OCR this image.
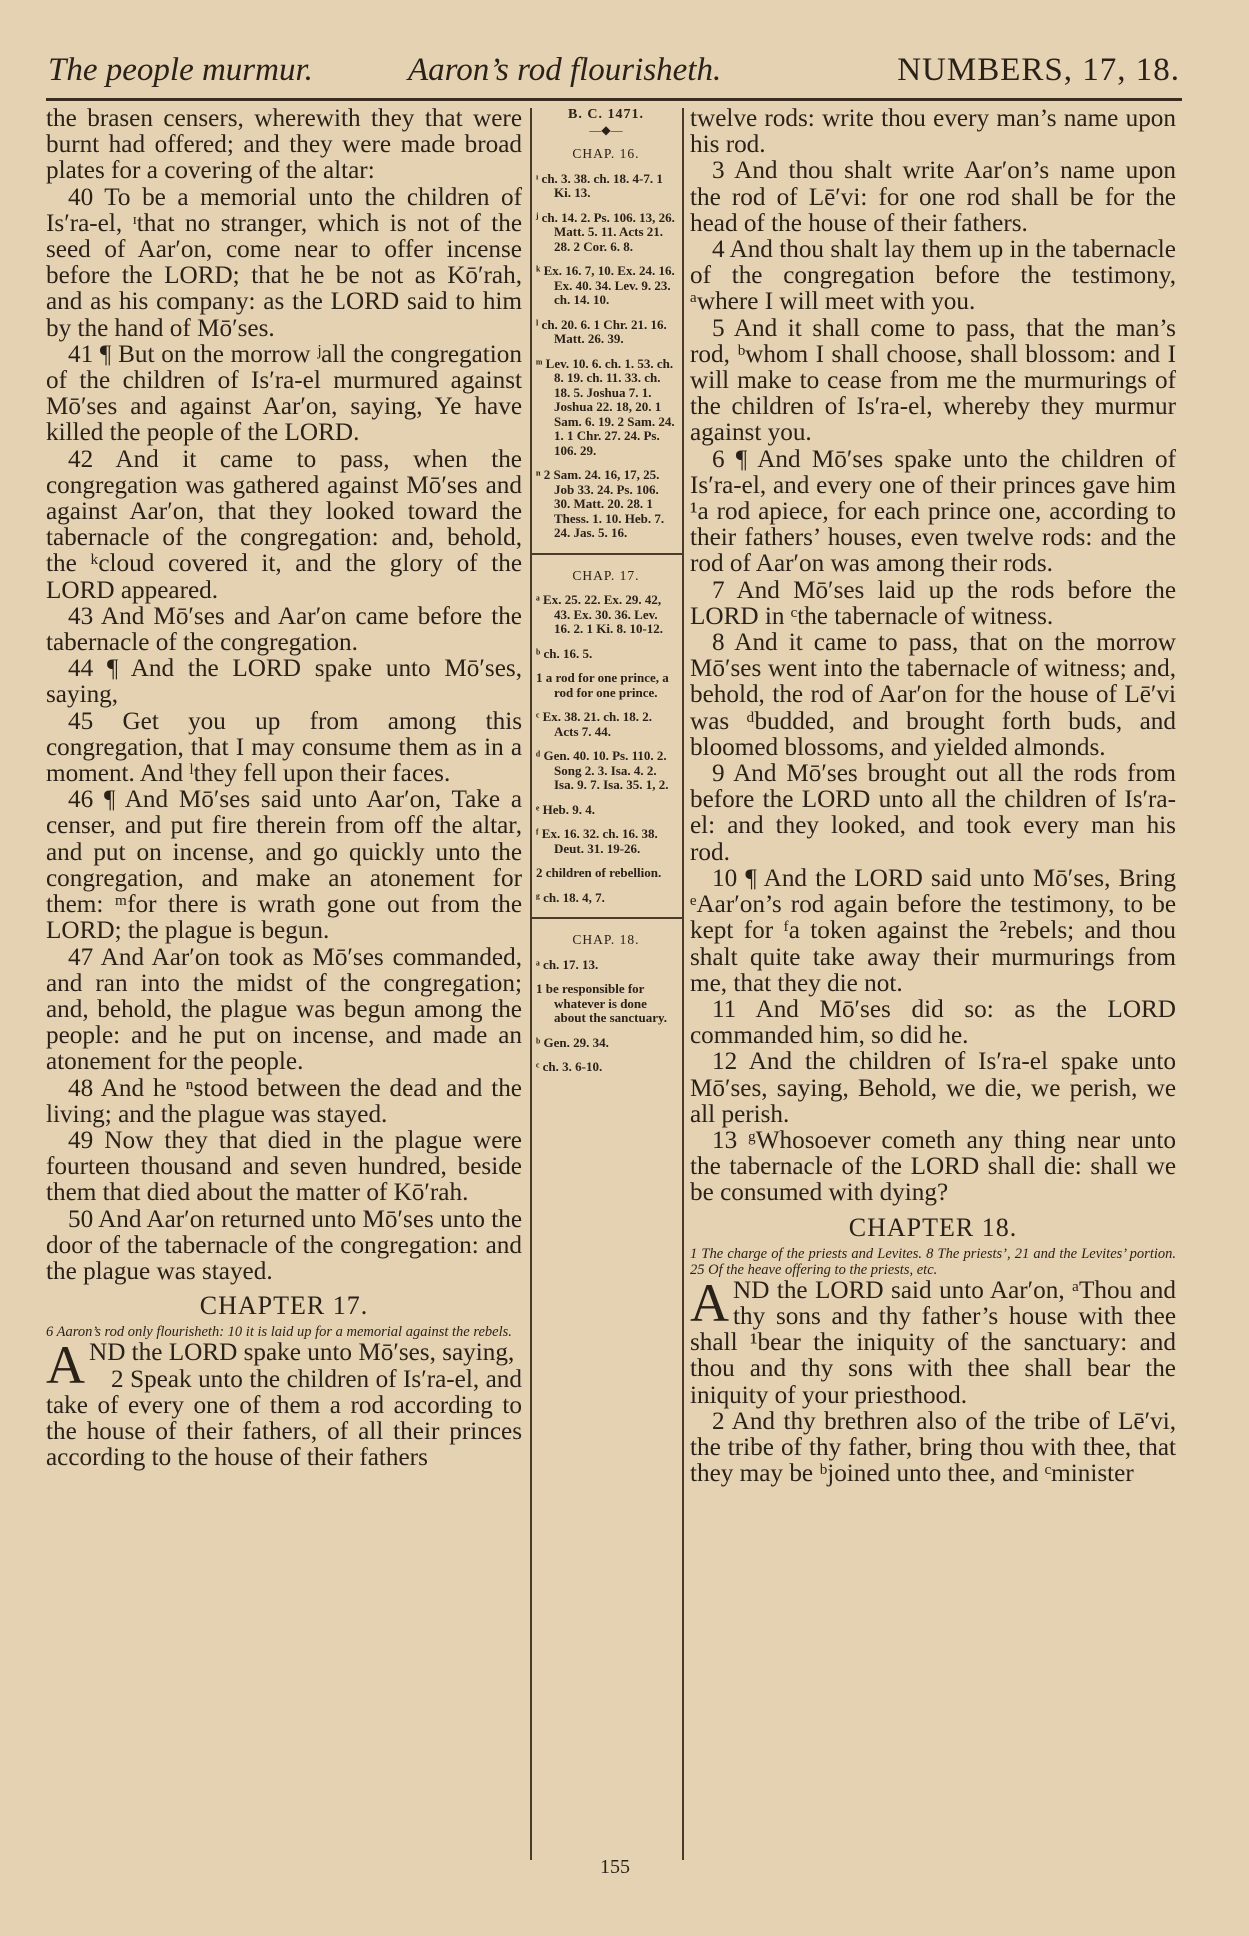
The people murmur.	Aaron’s rod flourisheth.	NUMBERS, 17, 18.

the brasen censers, wherewith they that were burnt had offered; and they were made broad plates for a covering of the altar:

40 To be a memorial unto the children of Is′ra-el, ᶦthat no stranger, which is not of the seed of Aar′on, come near to offer incense before the LORD; that he be not as Kō′rah, and as his company: as the LORD said to him by the hand of Mō′ses.

41 ¶ But on the morrow ʲall the congregation of the children of Is′ra-el murmured against Mō′ses and against Aar′on, saying, Ye have killed the people of the LORD.

42 And it came to pass, when the congregation was gathered against Mō′ses and against Aar′on, that they looked toward the tabernacle of the congregation: and, behold, the ᵏcloud covered it, and the glory of the LORD appeared.

43 And Mō′ses and Aar′on came before the tabernacle of the congregation.

44 ¶ And the LORD spake unto Mō′ses, saying,

45 Get you up from among this congregation, that I may consume them as in a moment. And ˡthey fell upon their faces.

46 ¶ And Mō′ses said unto Aar′on, Take a censer, and put fire therein from off the altar, and put on incense, and go quickly unto the congregation, and make an atonement for them: ᵐfor there is wrath gone out from the LORD; the plague is begun.

47 And Aar′on took as Mō′ses commanded, and ran into the midst of the congregation; and, behold, the plague was begun among the people: and he put on incense, and made an atonement for the people.

48 And he ⁿstood between the dead and the living; and the plague was stayed.

49 Now they that died in the plague were fourteen thousand and seven hundred, beside them that died about the matter of Kō′rah.

50 And Aar′on returned unto Mō′ses unto the door of the tabernacle of the congregation: and the plague was stayed.

CHAPTER 17.

6 Aaron’s rod only flourisheth: 10 it is laid up for a memorial against the rebels.

A ND the LORD spake unto Mō′ses, saying,

2 Speak unto the children of Is′ra-el, and take of every one of them a rod according to the house of their fathers, of all their princes according to the house of their fathers

B. C. 1471.
—◆—
CHAP. 16.
ᶦ ch. 3. 38. ch. 18. 4-7. 1 Ki. 13.
ʲ ch. 14. 2. Ps. 106. 13, 26. Matt. 5. 11. Acts 21. 28. 2 Cor. 6. 8.
ᵏ Ex. 16. 7, 10. Ex. 24. 16. Ex. 40. 34. Lev. 9. 23. ch. 14. 10.
ˡ ch. 20. 6. 1 Chr. 21. 16. Matt. 26. 39.
ᵐ Lev. 10. 6. ch. 1. 53. ch. 8. 19. ch. 11. 33. ch. 18. 5. Joshua 7. 1. Joshua 22. 18, 20. 1 Sam. 6. 19. 2 Sam. 24. 1. 1 Chr. 27. 24. Ps. 106. 29.
ⁿ 2 Sam. 24. 16, 17, 25. Job 33. 24. Ps. 106. 30. Matt. 20. 28. 1 Thess. 1. 10. Heb. 7. 24. Jas. 5. 16.
CHAP. 17.
ᵃ Ex. 25. 22. Ex. 29. 42, 43. Ex. 30. 36. Lev. 16. 2. 1 Ki. 8. 10-12.
ᵇ ch. 16. 5.
1 a rod for one prince, a rod for one prince.
ᶜ Ex. 38. 21. ch. 18. 2. Acts 7. 44.
ᵈ Gen. 40. 10. Ps. 110. 2. Song 2. 3. Isa. 4. 2. Isa. 9. 7. Isa. 35. 1, 2.
ᵉ Heb. 9. 4.
ᶠ Ex. 16. 32. ch. 16. 38. Deut. 31. 19-26.
2 children of rebellion.
ᵍ ch. 18. 4, 7.
CHAP. 18.
ᵃ ch. 17. 13.
1 be responsible for whatever is done about the sanctuary.
ᵇ Gen. 29. 34.
ᶜ ch. 3. 6-10.

twelve rods: write thou every man’s name upon his rod.

3 And thou shalt write Aar′on’s name upon the rod of Lē′vi: for one rod shall be for the head of the house of their fathers.

4 And thou shalt lay them up in the tabernacle of the congregation before the testimony, ᵃwhere I will meet with you.

5 And it shall come to pass, that the man’s rod, ᵇwhom I shall choose, shall blossom: and I will make to cease from me the murmurings of the children of Is′ra-el, whereby they murmur against you.

6 ¶ And Mō′ses spake unto the children of Is′ra-el, and every one of their princes gave him ¹a rod apiece, for each prince one, according to their fathers’ houses, even twelve rods: and the rod of Aar′on was among their rods.

7 And Mō′ses laid up the rods before the LORD in ᶜthe tabernacle of witness.

8 And it came to pass, that on the morrow Mō′ses went into the tabernacle of witness; and, behold, the rod of Aar′on for the house of Lē′vi was ᵈbudded, and brought forth buds, and bloomed blossoms, and yielded almonds.

9 And Mō′ses brought out all the rods from before the LORD unto all the children of Is′ra-el: and they looked, and took every man his rod.

10 ¶ And the LORD said unto Mō′ses, Bring ᵉAar′on’s rod again before the testimony, to be kept for ᶠa token against the ²rebels; and thou shalt quite take away their murmurings from me, that they die not.

11 And Mō′ses did so: as the LORD commanded him, so did he.

12 And the children of Is′ra-el spake unto Mō′ses, saying, Behold, we die, we perish, we all perish.

13 ᵍWhosoever cometh any thing near unto the tabernacle of the LORD shall die: shall we be consumed with dying?

CHAPTER 18.

1 The charge of the priests and Levites. 8 The priests’, 21 and the Levites’ portion. 25 Of the heave offering to the priests, etc.

A ND the LORD said unto Aar′on, ᵃThou and thy sons and thy father’s house with thee shall ¹bear the iniquity of the sanctuary: and thou and thy sons with thee shall bear the iniquity of your priesthood.

2 And thy brethren also of the tribe of Lē′vi, the tribe of thy father, bring thou with thee, that they may be ᵇjoined unto thee, and ᶜminister

155
